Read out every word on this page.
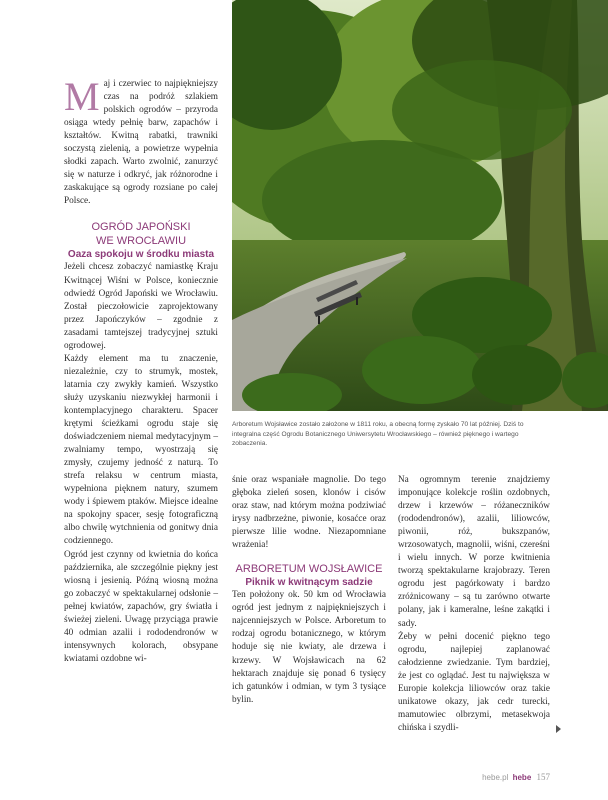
Arboretum Wojsławice zostało założone w 1811 roku, a obecną formę zyskało 70 lat później. Dziś to integralna część Ogrodu Botanicznego Uniwersytetu Wrocławskiego – również pięknego i wartego zobaczenia.

Maj i czerwiec to najpiękniejszy czas na podróż szlakiem polskich ogrodów – przyroda osiąga wtedy pełnię barw, zapachów i kształtów. Kwitną rabatki, trawniki soczystą zielenią, a powietrze wypełnia słodki zapach. Warto zwolnić, zanurzyć się w naturze i odkryć, jak różnorodne i zaskakujące są ogrody rozsiane po całej Polsce.

OGRÓD JAPOŃSKI

WE WROCŁAWIU

Oaza spokoju w środku miasta

Jeżeli chcesz zobaczyć namiastkę Kraju Kwitnącej Wiśni w Polsce, koniecznie odwiedź Ogród Japoński we Wrocławiu. Został pieczołowicie zaprojektowany przez Japończyków – zgodnie z zasadami tamtejszej tradycyjnej sztuki ogrodowej.

Każdy element ma tu znaczenie, niezależnie, czy to strumyk, mostek, latarnia czy zwykły kamień. Wszystko służy uzyskaniu niezwykłej harmonii i kontemplacyjnego charakteru. Spacer krętymi ścieżkami ogrodu staje się doświadczeniem niemal medytacyjnym – zwalniamy tempo, wyostrzają się zmysły, czujemy jedność z naturą. To strefa relaksu w centrum miasta, wypełniona pięknem natury, szumem wody i śpiewem ptaków. Miejsce idealne na spokojny spacer, sesję fotograficzną albo chwilę wytchnienia od gonitwy dnia codziennego.

Ogród jest czynny od kwietnia do końca października, ale szczególnie piękny jest wiosną i jesienią. Późną wiosną można go zobaczyć w spektakularnej odsłonie – pełnej kwiatów, zapachów, gry światła i świeżej zieleni. Uwagę przyciąga prawie 40 odmian azalii i rododendronów w intensywnych kolorach, obsypane kwiatami ozdobne wi-

śnie oraz wspaniałe magnolie. Do tego głęboka zieleń sosen, klonów i cisów oraz staw, nad którym można podziwiać irysy nadbrzeżne, piwonie, kosaćce oraz pierwsze lilie wodne. Niezapomniane wrażenia!

ARBORETUM WOJSŁAWICE

Piknik w kwitnącym sadzie

Ten położony ok. 50 km od Wrocławia ogród jest jednym z najpiękniejszych i najcenniejszych w Polsce. Arboretum to rodzaj ogrodu botanicznego, w którym hoduje się nie kwiaty, ale drzewa i krzewy. W Wojsławicach na 62 hektarach znajduje się ponad 6 tysięcy ich gatunków i odmian, w tym 3 tysiące bylin.

Na ogromnym terenie znajdziemy imponujące kolekcje roślin ozdobnych, drzew i krzewów – różaneczników (rododendronów), azalii, liliowców, piwonii, róż, bukszpanów, wrzosowatych, magnolii, wiśni, czereśni i wielu innych. W porze kwitnienia tworzą spektakularne krajobrazy. Teren ogrodu jest pagórkowaty i bardzo zróżnicowany – są tu zarówno otwarte polany, jak i kameralne, leśne zakątki i sady.

Żeby w pełni docenić piękno tego ogrodu, najlepiej zaplanować całodzienne zwiedzanie. Tym bardziej, że jest co oglądać. Jest tu największa w Europie kolekcja liliowców oraz takie unikatowe okazy, jak cedr turecki, mamutowiec olbrzymi, metasekwoja chińska i szydli-

hebe.pl hebe 157
